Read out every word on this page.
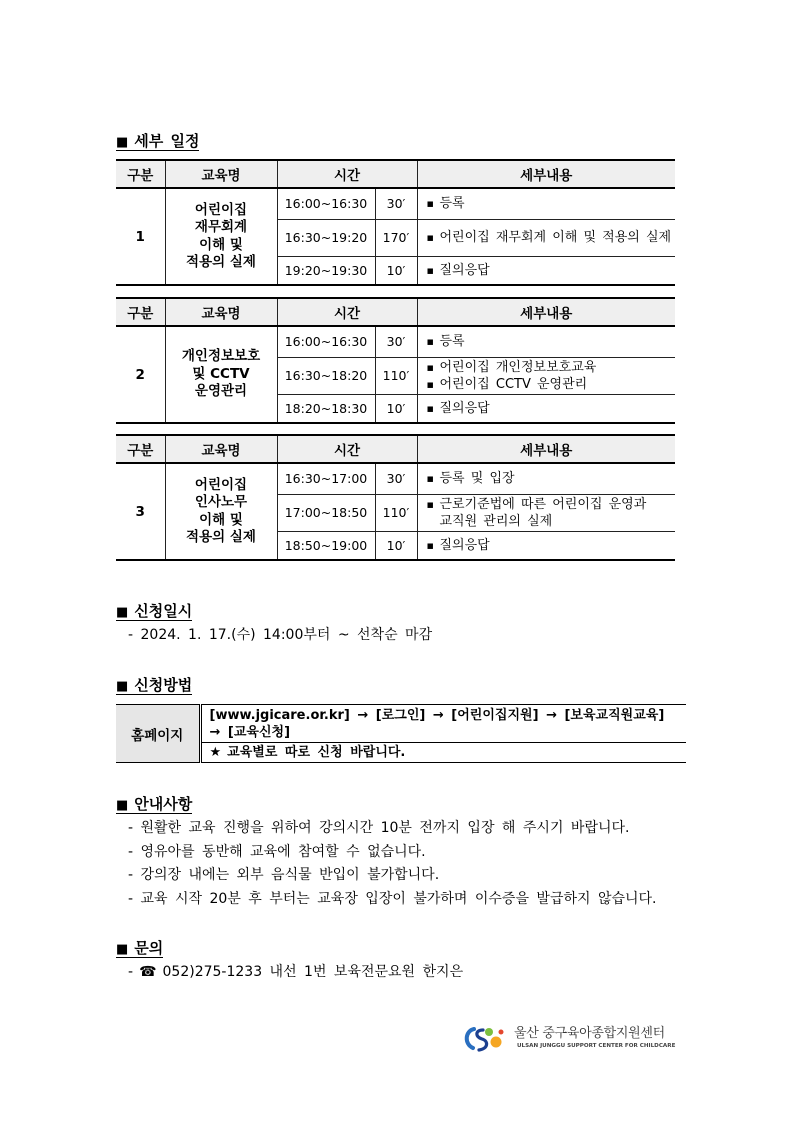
■ 세부 일정
구분	교육명	시간		세부내용
1	어린이집
재무회계
이해 및
적용의 실제	16:00~16:30	30′	▪ 등록

		16:30~19:20	170′	▪ 어린이집 재무회계 이해 및 적용의 실제

		19:20~19:30	10′	▪ 질의응답
구분	교육명	시간		세부내용
2	개인정보보호
및 CCTV
운영관리	16:00~16:30	30′	▪ 등록

		16:30~18:20	110′	▪ 어린이집 개인정보보호교육
▪ 어린이집 CCTV 운영관리

		18:20~18:30	10′	▪ 질의응답
구분	교육명	시간		세부내용
3	어린이집
인사노무
이해 및
적용의 실제	16:30~17:00	30′	▪ 등록 및 입장

		17:00~18:50	110′	▪ 근로기준법에 따른 어린이집 운영과
교직원 관리의 실제

		18:50~19:00	10′	▪ 질의응답
■ 신청일시
- 2024. 1. 17.(수) 14:00부터 ~ 선착순 마감
■ 신청방법
홈페이지	
[www.jgicare.or.kr] → [로그인] → [어린이집지원] → [보육교직원교육]
→ [교육신청]

★ 교육별로 따로 신청 바랍니다.
■ 안내사항
- 원활한 교육 진행을 위하여 강의시간 10분 전까지 입장 해 주시기 바랍니다.
- 영유아를 동반해 교육에 참여할 수 없습니다.
- 강의장 내에는 외부 음식물 반입이 불가합니다.
- 교육 시작 20분 후 부터는 교육장 입장이 불가하며 이수증을 발급하지 않습니다.
■ 문의
- ☎ 052)275-1233 내선 1번 보육전문요원 한지은
울산 중구육아종합지원센터
ULSAN JUNGGU SUPPORT CENTER FOR CHILDCARE
